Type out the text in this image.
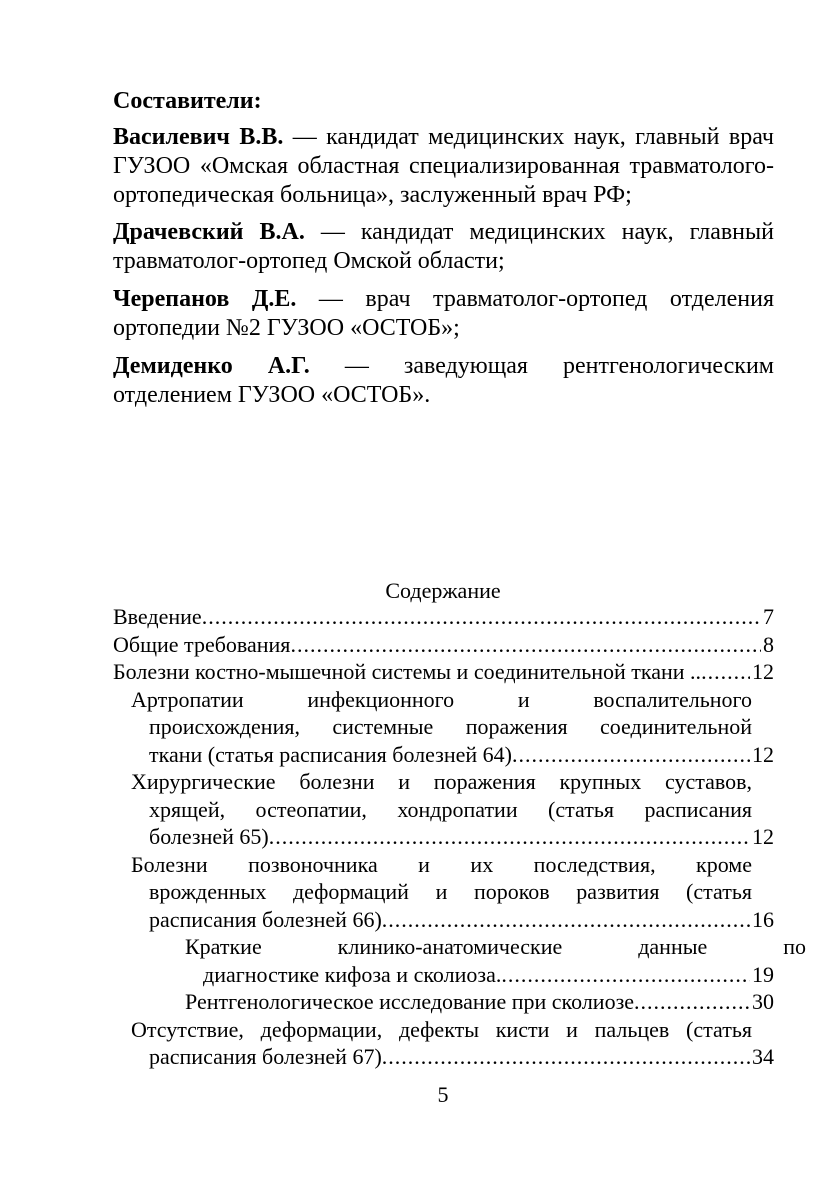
Составители:
Василевич В.В. — кандидат медицинских наук, главный врач ГУЗОО «Омская областная специализированная травматолого- ортопедическая больница», заслуженный врач РФ;
Драчевский В.А. — кандидат медицинских наук, главный травматолог-ортопед Омской области;
Черепанов Д.Е. — врач травматолог-ортопед отделения ортопедии №2 ГУЗОО «ОСТОБ»;
Демиденко А.Г. — заведующая рентгенологическим отделением ГУЗОО «ОСТОБ».
Содержание
Введение .....	7
Общие требования .....	8
Болезни костно-мышечной системы и соединительной ткани .. ..... 12
Артропатии инфекционного и воспалительного
происхождения, системные поражения соединительной
ткани (статья расписания болезней 64) .....	12
Хирургические болезни и поражения крупных суставов,
хрящей, остеопатии, хондропатии (статья расписания
болезней 65) .....	12
Болезни позвоночника и их последствия, кроме
врожденных деформаций и пороков развития (статья
расписания болезней 66) .....	16
Краткие клинико-анатомические данные по
диагностике кифоза и сколиоза. .....	19
Рентгенологическое исследование при сколиозе .....	30
Отсутствие, деформации, дефекты кисти и пальцев (статья
расписания болезней 67) .....	34
5
